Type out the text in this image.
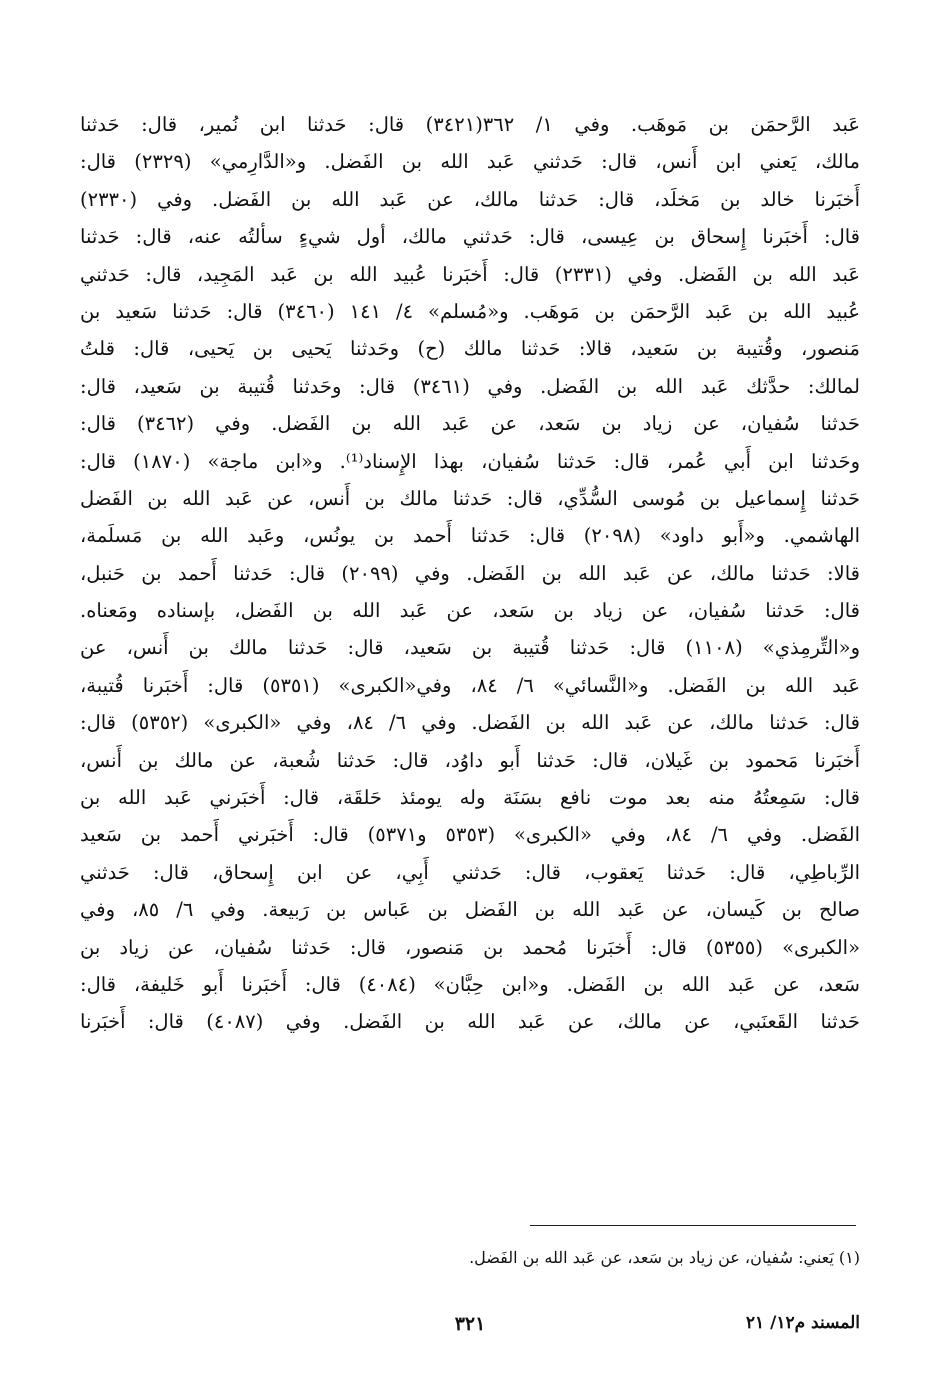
عَبد الرَّحمَن بن مَوهَب. وفي ١/ ٣٦٢(٣٤٢١) قال: حَدثنا ابن نُمير، قال: حَدثنا
مالك، يَعني ابن أَنس، قال: حَدثني عَبد الله بن الفَضل. و«الدَّارِمي» (٢٣٢٩) قال:
أَخبَرنا خالد بن مَخلَد، قال: حَدثنا مالك، عن عَبد الله بن الفَضل. وفي (٢٣٣٠)
قال: أَخبَرنا إِسحاق بن عِيسى، قال: حَدثني مالك، أول شيءٍ سألتُه عنه، قال: حَدثنا
عَبد الله بن الفَضل. وفي (٢٣٣١) قال: أَخبَرنا عُبيد الله بن عَبد المَجِيد، قال: حَدثني
عُبيد الله بن عَبد الرَّحمَن بن مَوهَب. و«مُسلم» ٤/ ١٤١ (٣٤٦٠) قال: حَدثنا سَعيد بن
مَنصور، وقُتيبة بن سَعيد، قالا: حَدثنا مالك (ح) وحَدثنا يَحيى بن يَحيى، قال: قلتُ
لمالك: حدَّثك عَبد الله بن الفَضل. وفي (٣٤٦١) قال: وحَدثنا قُتيبة بن سَعيد، قال:
حَدثنا سُفيان، عن زياد بن سَعد، عن عَبد الله بن الفَضل. وفي (٣٤٦٢) قال:
وحَدثنا ابن أَبي عُمر، قال: حَدثنا سُفيان، بهذا الإِسناد⁽¹⁾. و«ابن ماجة» (١٨٧٠) قال:
حَدثنا إِسماعيل بن مُوسى السُّدِّي، قال: حَدثنا مالك بن أَنس، عن عَبد الله بن الفَضل
الهاشمي. و«أَبو داود» (٢٠٩٨) قال: حَدثنا أَحمد بن يونُس، وعَبد الله بن مَسلَمة،
قالا: حَدثنا مالك، عن عَبد الله بن الفَضل. وفي (٢٠٩٩) قال: حَدثنا أَحمد بن حَنبل،
قال: حَدثنا سُفيان، عن زياد بن سَعد، عن عَبد الله بن الفَضل، بإسناده ومَعناه.
و«التِّرمِذي» (١١٠٨) قال: حَدثنا قُتيبة بن سَعيد، قال: حَدثنا مالك بن أَنس، عن
عَبد الله بن الفَضل. و«النَّسائي» ٦/ ٨٤، وفي«الكبرى» (٥٣٥١) قال: أَخبَرنا قُتيبة،
قال: حَدثنا مالك، عن عَبد الله بن الفَضل. وفي ٦/ ٨٤، وفي «الكبرى» (٥٣٥٢) قال:
أَخبَرنا مَحمود بن غَيلان، قال: حَدثنا أَبو داوُد، قال: حَدثنا شُعبة، عن مالك بن أَنس،
قال: سَمِعتُهُ منه بعد موت نافع بسَنَة وله يومئذ حَلقَة، قال: أَخبَرني عَبد الله بن
الفَضل. وفي ٦/ ٨٤، وفي «الكبرى» (٥٣٥٣ و٥٣٧١) قال: أَخبَرني أَحمد بن سَعيد
الرِّباطِي، قال: حَدثنا يَعقوب، قال: حَدثني أَبِي، عن ابن إِسحاق، قال: حَدثني
صالح بن كَيسان، عن عَبد الله بن الفَضل بن عَباس بن رَبيعة. وفي ٦/ ٨٥، وفي
«الكبرى» (٥٣٥٥) قال: أَخبَرنا مُحمد بن مَنصور، قال: حَدثنا سُفيان، عن زياد بن
سَعد، عن عَبد الله بن الفَضل. و«ابن حِبَّان» (٤٠٨٤) قال: أَخبَرنا أَبو خَليفة، قال:
حَدثنا القَعنَبي، عن مالك، عن عَبد الله بن الفَضل. وفي (٤٠٨٧) قال: أَخبَرنا
(١) يَعني: سُفيان، عن زياد بن سَعد، عن عَبد الله بن الفَضل.
المسند م١٢/ ٢١
٣٢١
